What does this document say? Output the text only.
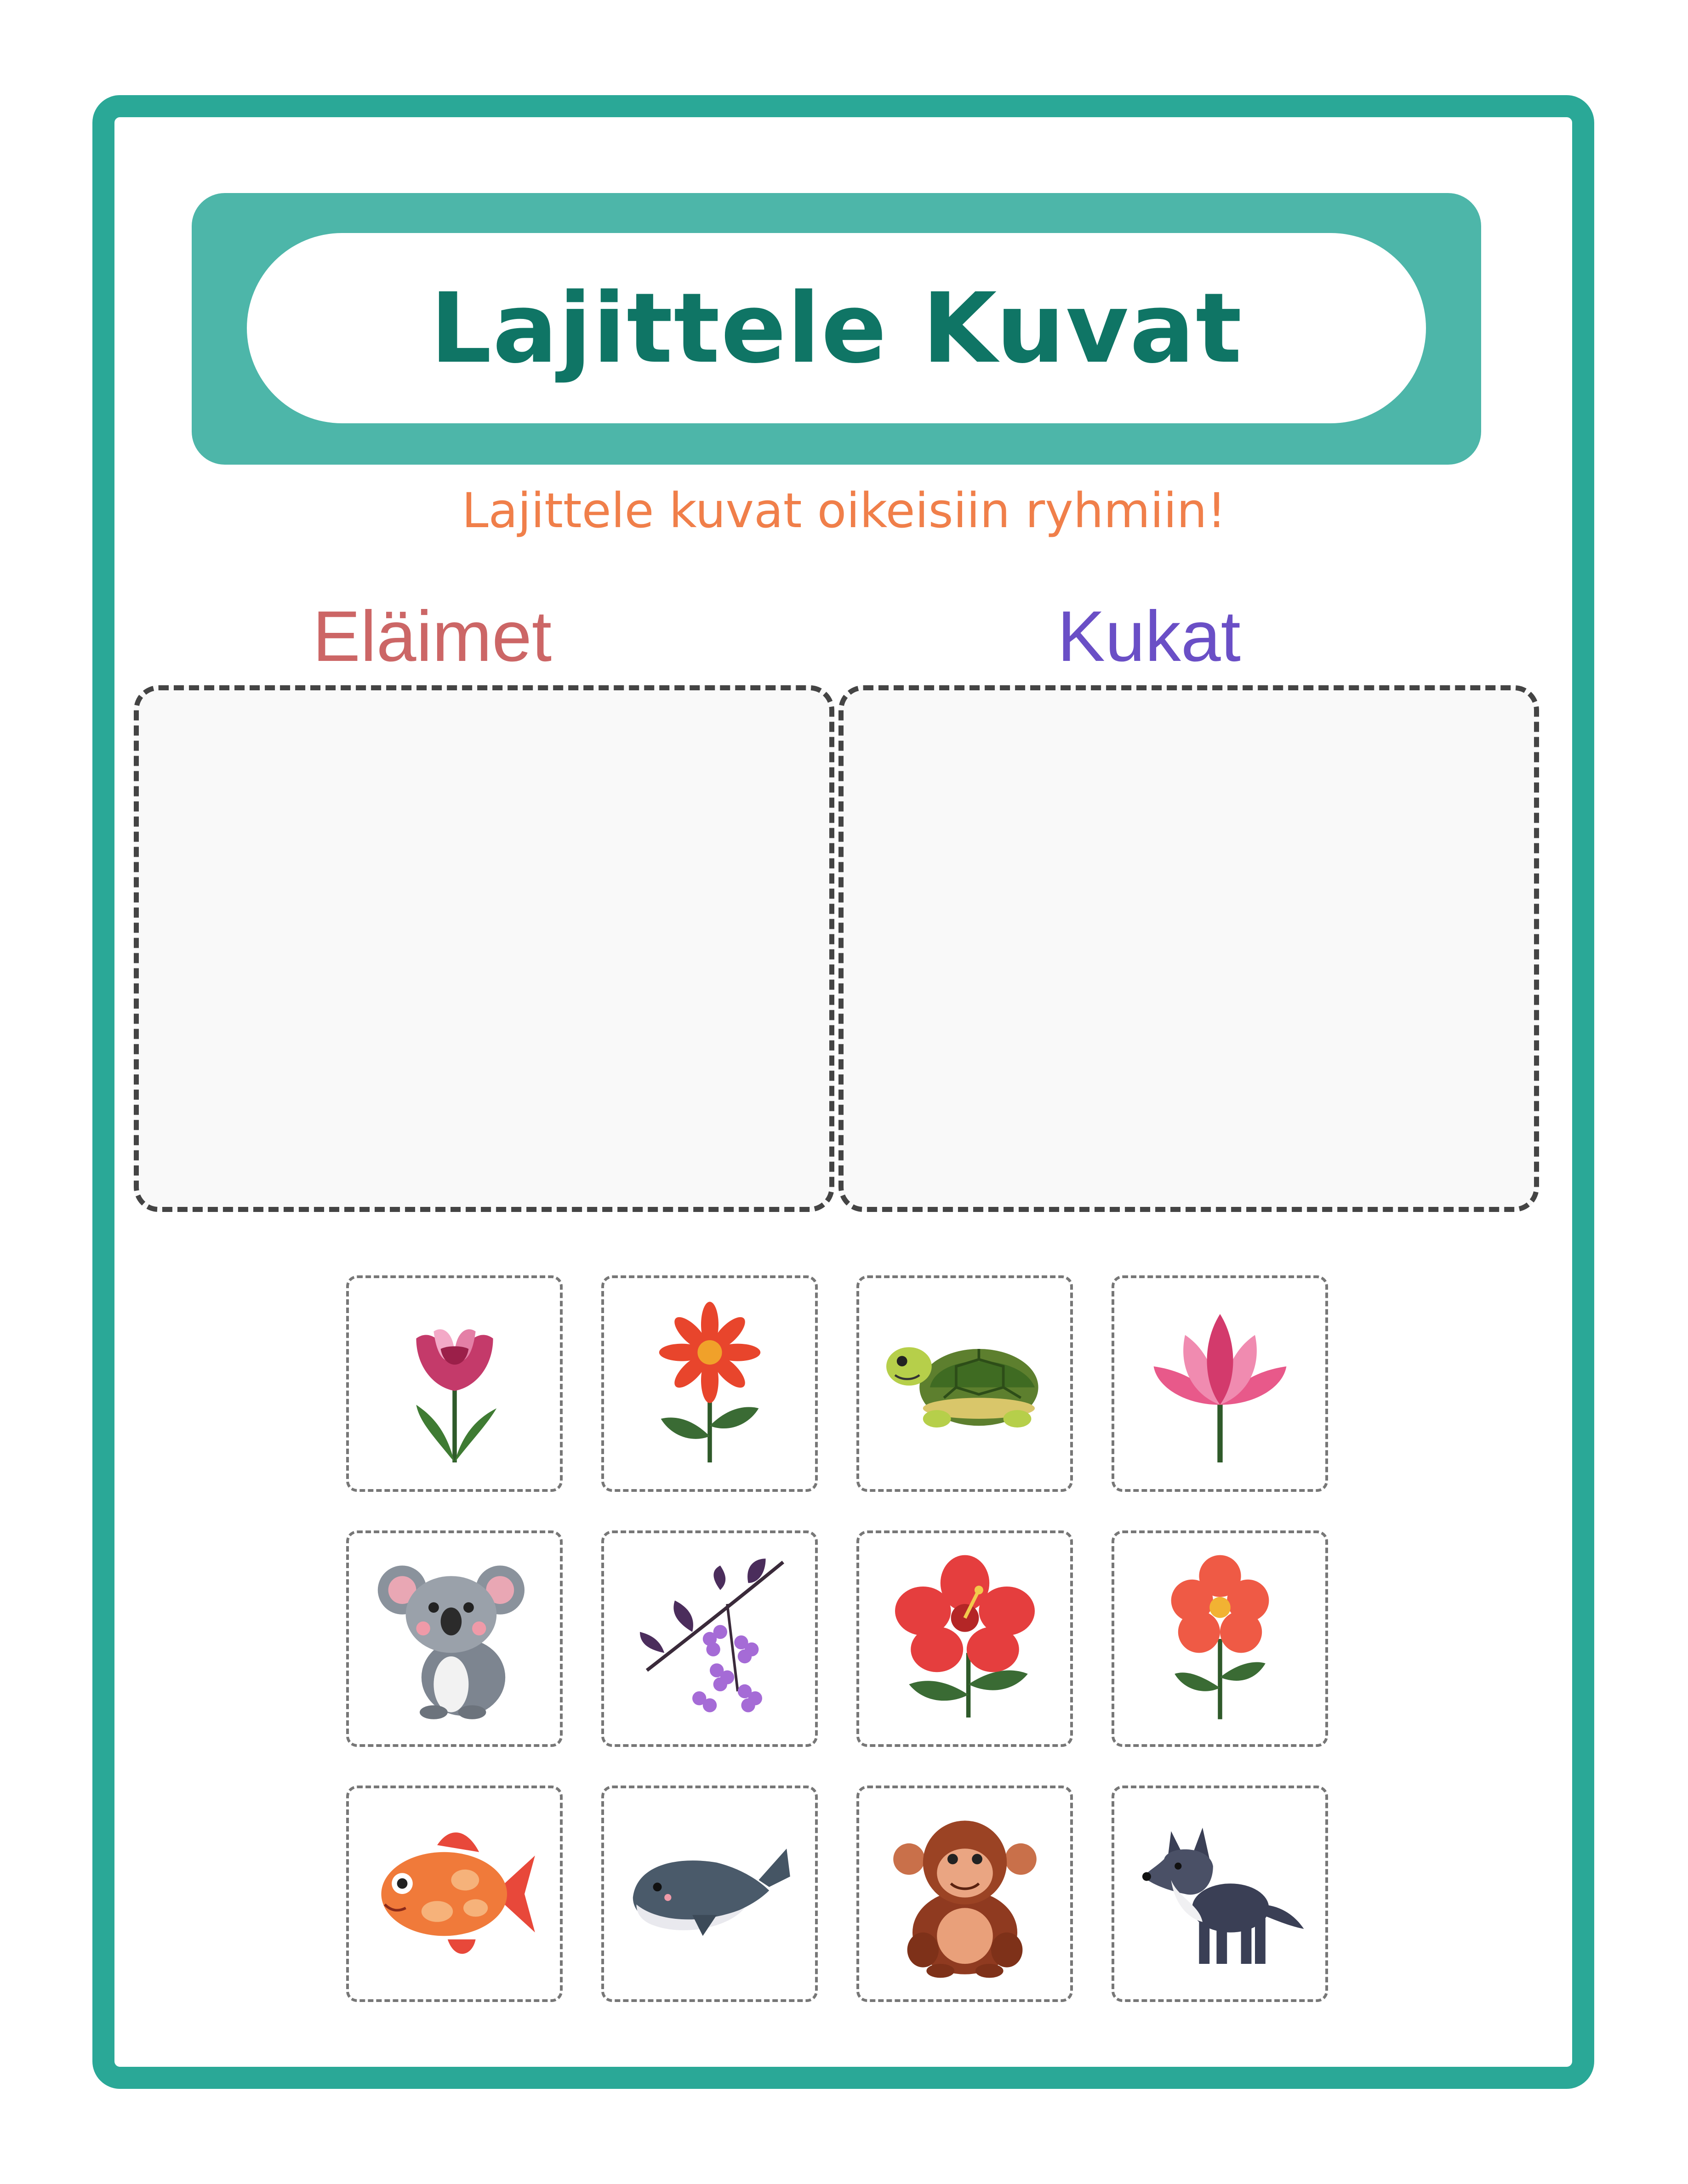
Lajittele Kuvat
Lajittele kuvat oikeisiin ryhmiin!
Eläimet	Kukat
